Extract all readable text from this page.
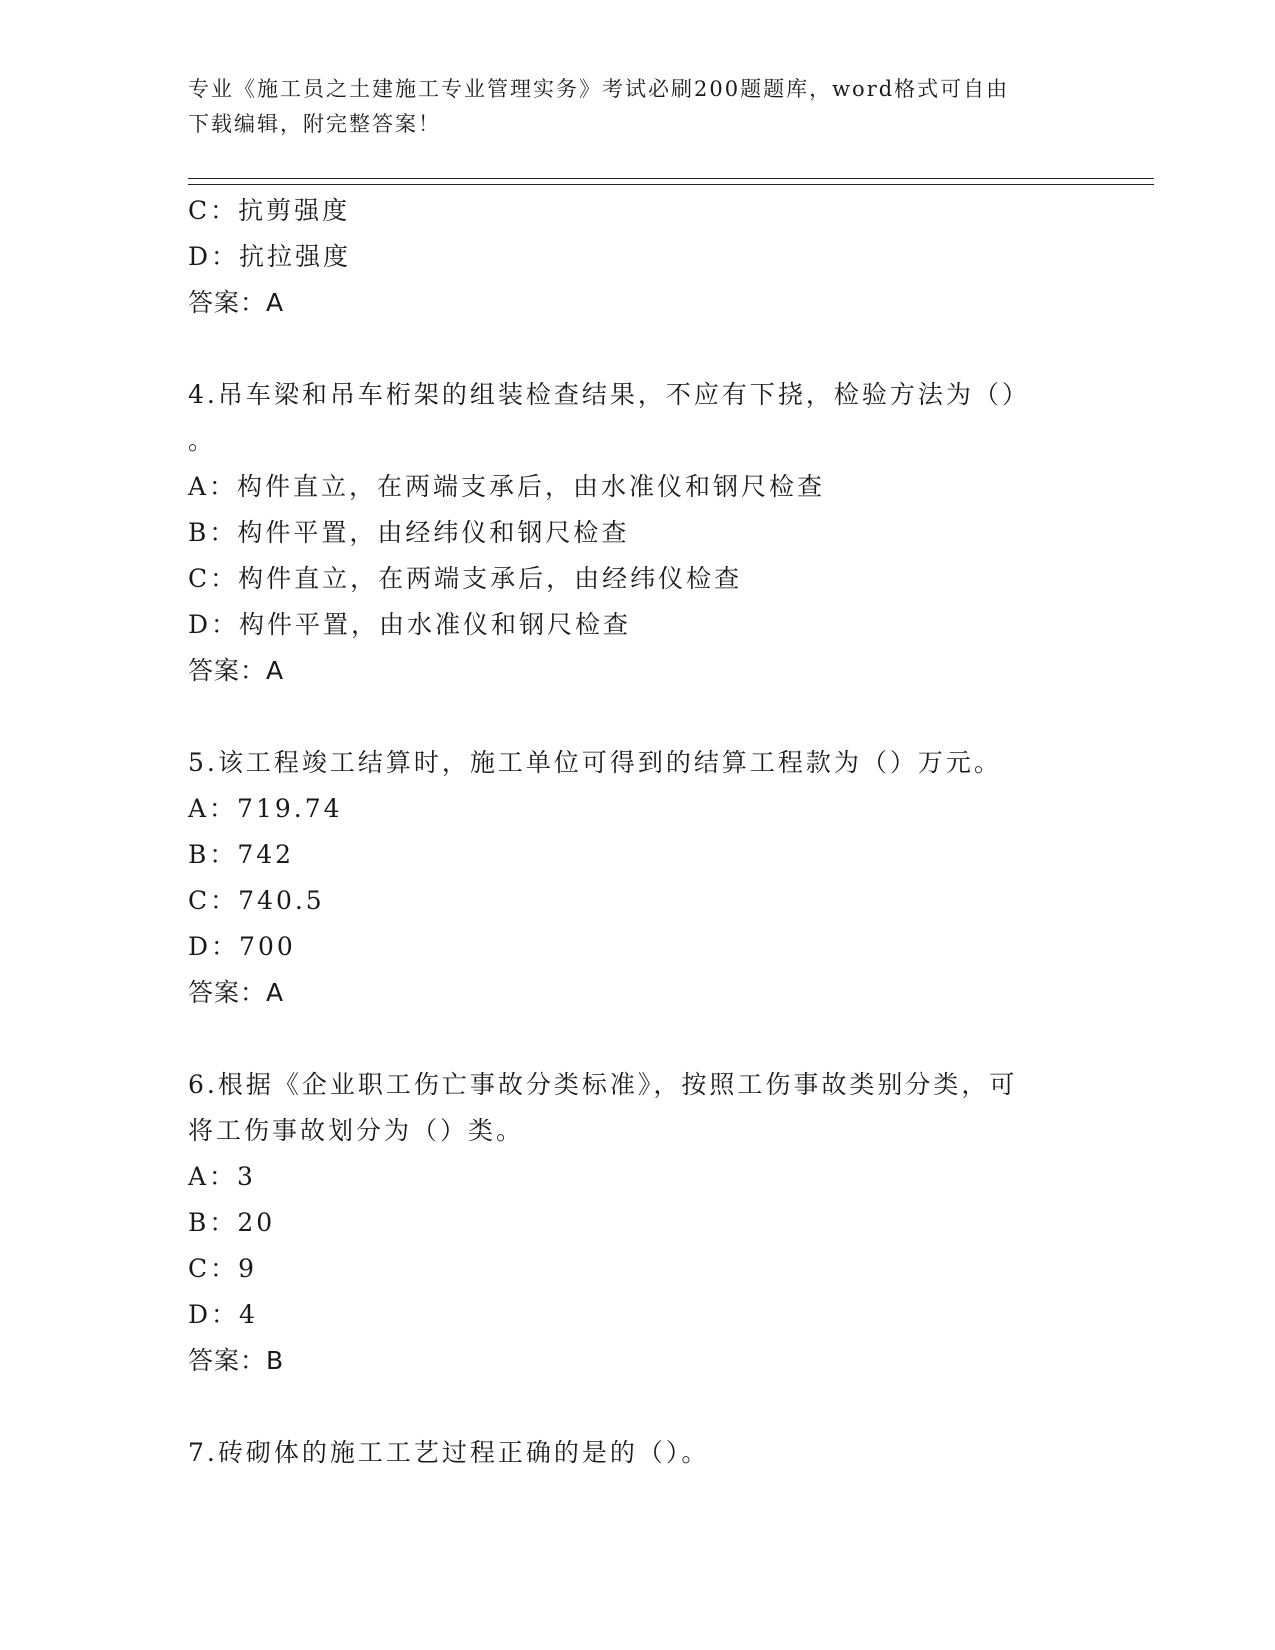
专业《施工员之土建施工专业管理实务》考试必刷200题题库，word格式可自由
下载编辑，附完整答案！
C：抗剪强度
D：抗拉强度
答案：A
4.吊车梁和吊车桁架的组装检查结果，不应有下挠，检验方法为（）
。
A：构件直立，在两端支承后，由水准仪和钢尺检查
B：构件平置，由经纬仪和钢尺检查
C：构件直立，在两端支承后，由经纬仪检查
D：构件平置，由水准仪和钢尺检查
答案：A
5.该工程竣工结算时，施工单位可得到的结算工程款为（）万元。
A：719.74
B：742
C：740.5
D：700
答案：A
6.根据《企业职工伤亡事故分类标准》，按照工伤事故类别分类，可
将工伤事故划分为（）类。
A：3
B：20
C：9
D：4
答案：B
7.砖砌体的施工工艺过程正确的是的（）。
